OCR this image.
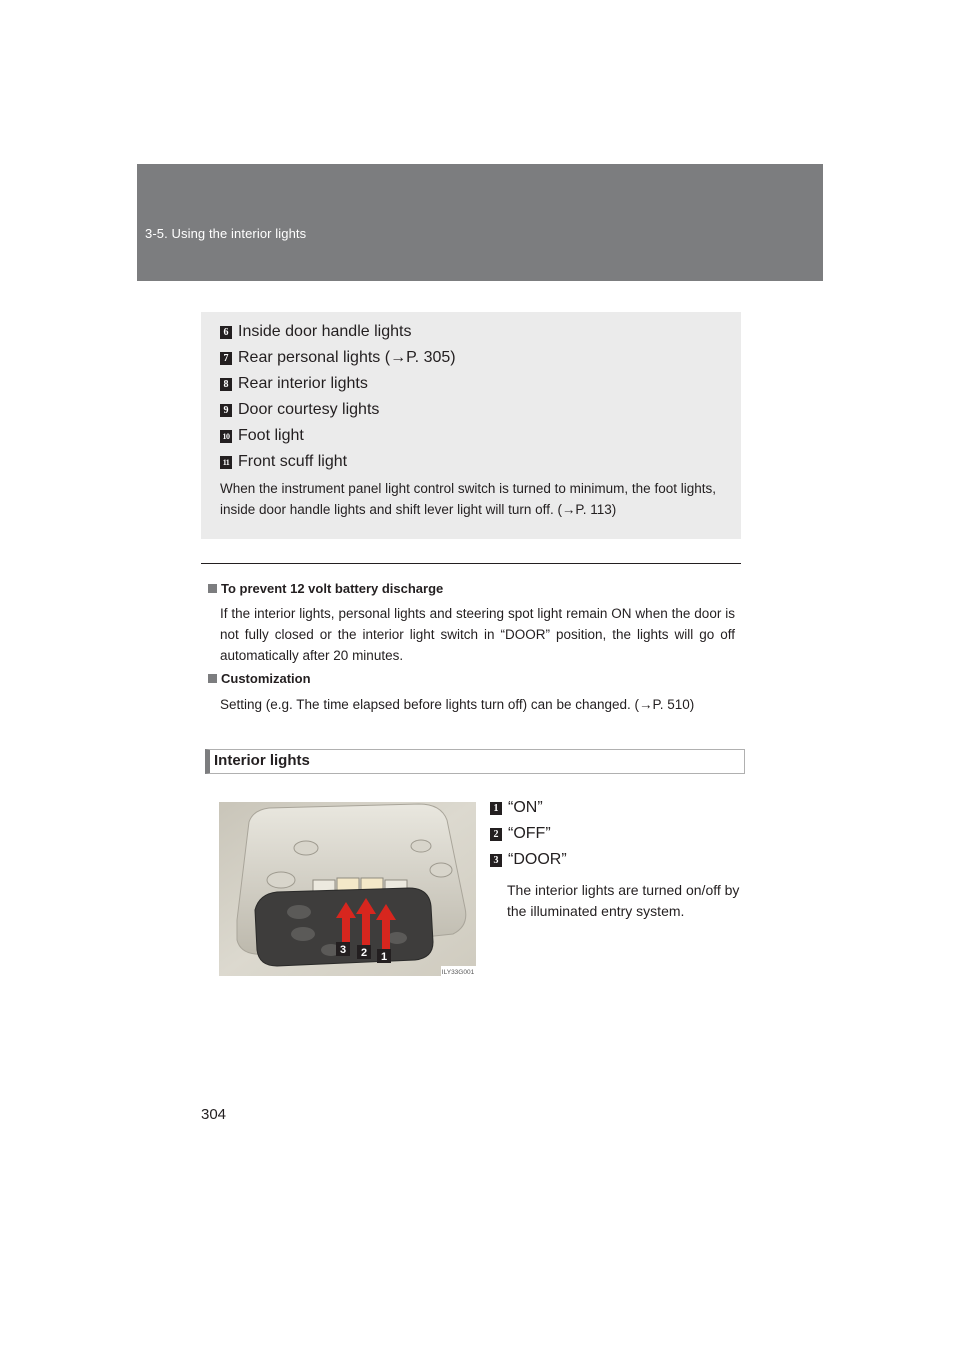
3-5. Using the interior lights
6 Inside door handle lights
7 Rear personal lights (→P. 305)
8 Rear interior lights
9 Door courtesy lights
10 Foot light
11 Front scuff light
When the instrument panel light control switch is turned to minimum, the foot lights, inside door handle lights and shift lever light will turn off. (→P. 113)
To prevent 12 volt battery discharge
If the interior lights, personal lights and steering spot light remain ON when the door is not fully closed or the interior light switch in “DOOR” position, the lights will go off automatically after 20 minutes.
Customization
Setting (e.g. The time elapsed before lights turn off) can be changed. (→P. 510)
Interior lights
3 2 1
ILY33G001
1 “ON”
2 “OFF”
3 “DOOR”
The interior lights are turned on/off by the illuminated entry system.
304
